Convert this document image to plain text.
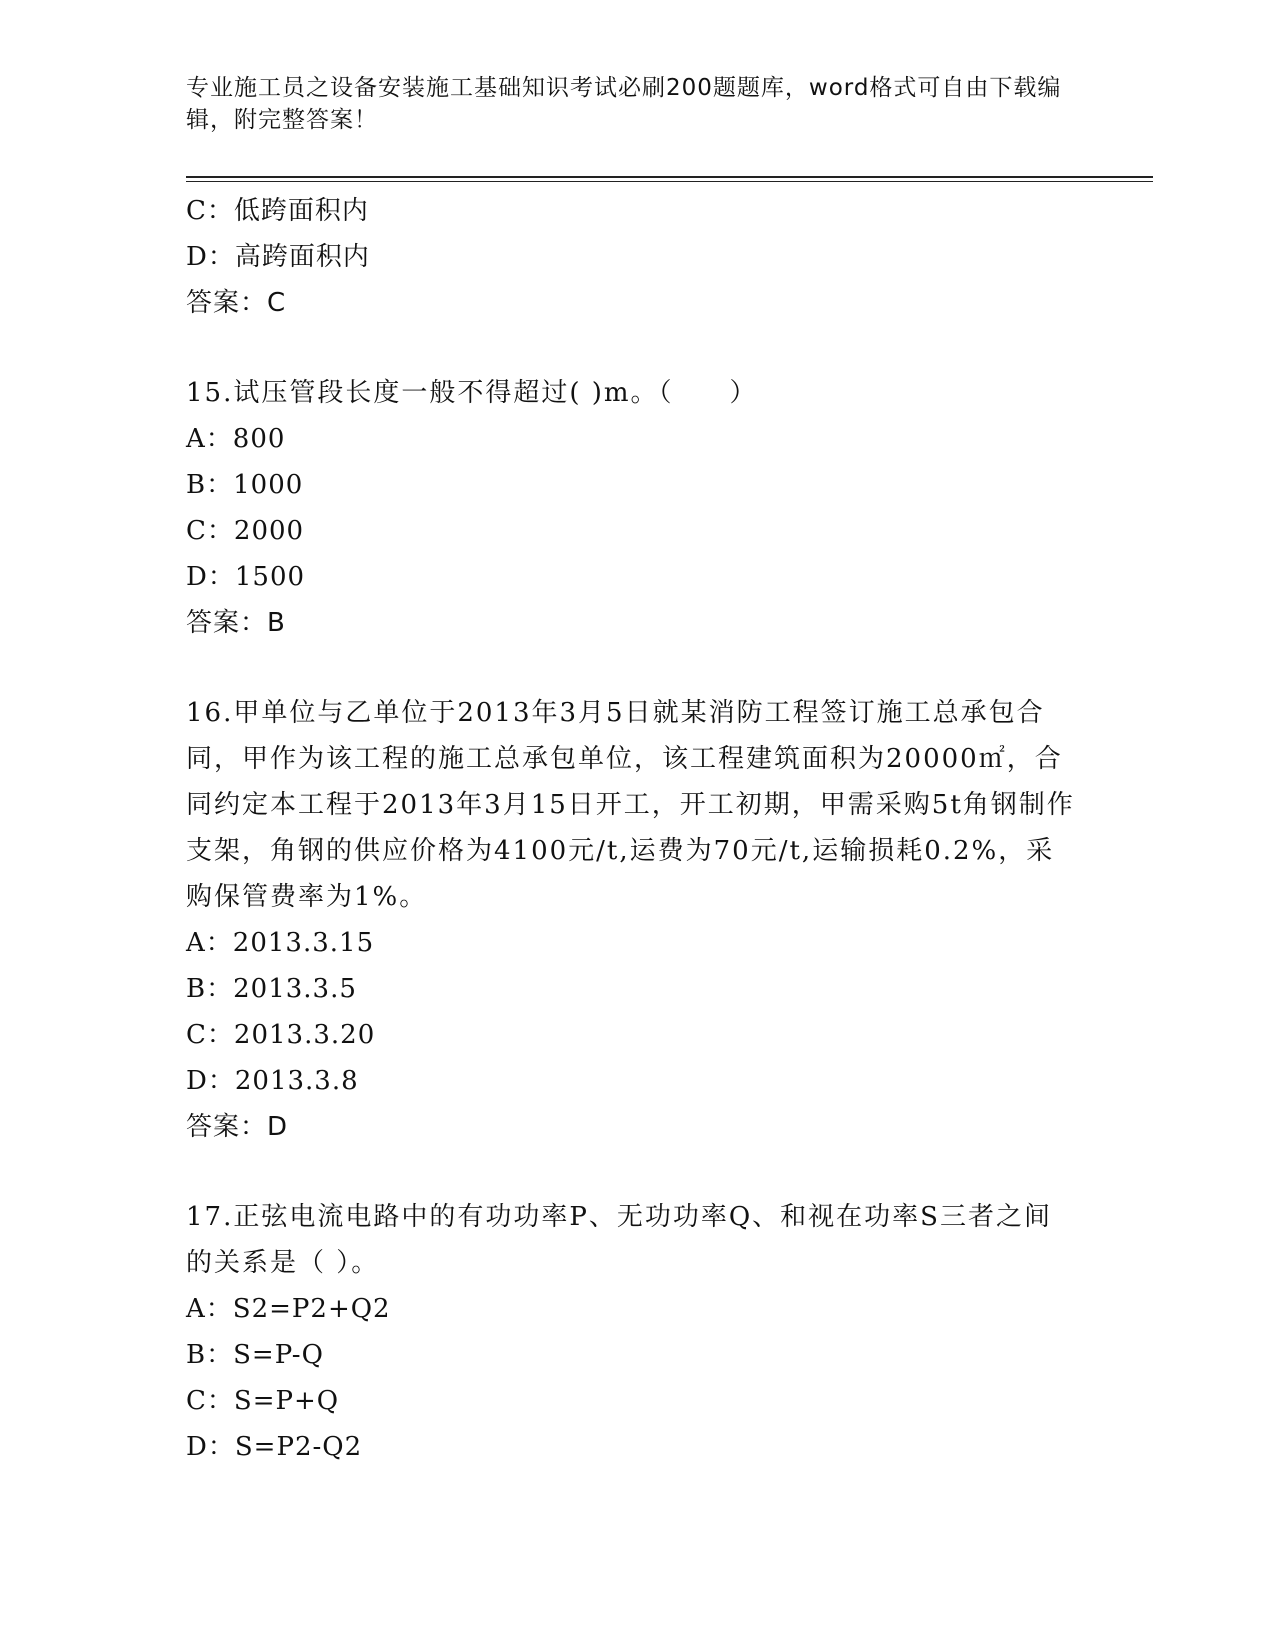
专业施工员之设备安装施工基础知识考试必刷200题题库，word格式可自由下载编辑，附完整答案！
C：低跨面积内
D：高跨面积内
答案：C
15.试压管段长度一般不得超过( )m。（　　）
A：800
B：1000
C：2000
D：1500
答案：B
16.甲单位与乙单位于2013年3月5日就某消防工程签订施工总承包合同，甲作为该工程的施工总承包单位，该工程建筑面积为20000㎡，合同约定本工程于2013年3月15日开工，开工初期，甲需采购5t角钢制作支架，角钢的供应价格为4100元/t,运费为70元/t,运输损耗0.2%，采购保管费率为1%。
A：2013.3.15
B：2013.3.5
C：2013.3.20
D：2013.3.8
答案：D
17.正弦电流电路中的有功功率P、无功功率Q、和视在功率S三者之间的关系是（ ）。
A：S2=P2+Q2
B：S=P-Q
C：S=P+Q
D：S=P2-Q2
